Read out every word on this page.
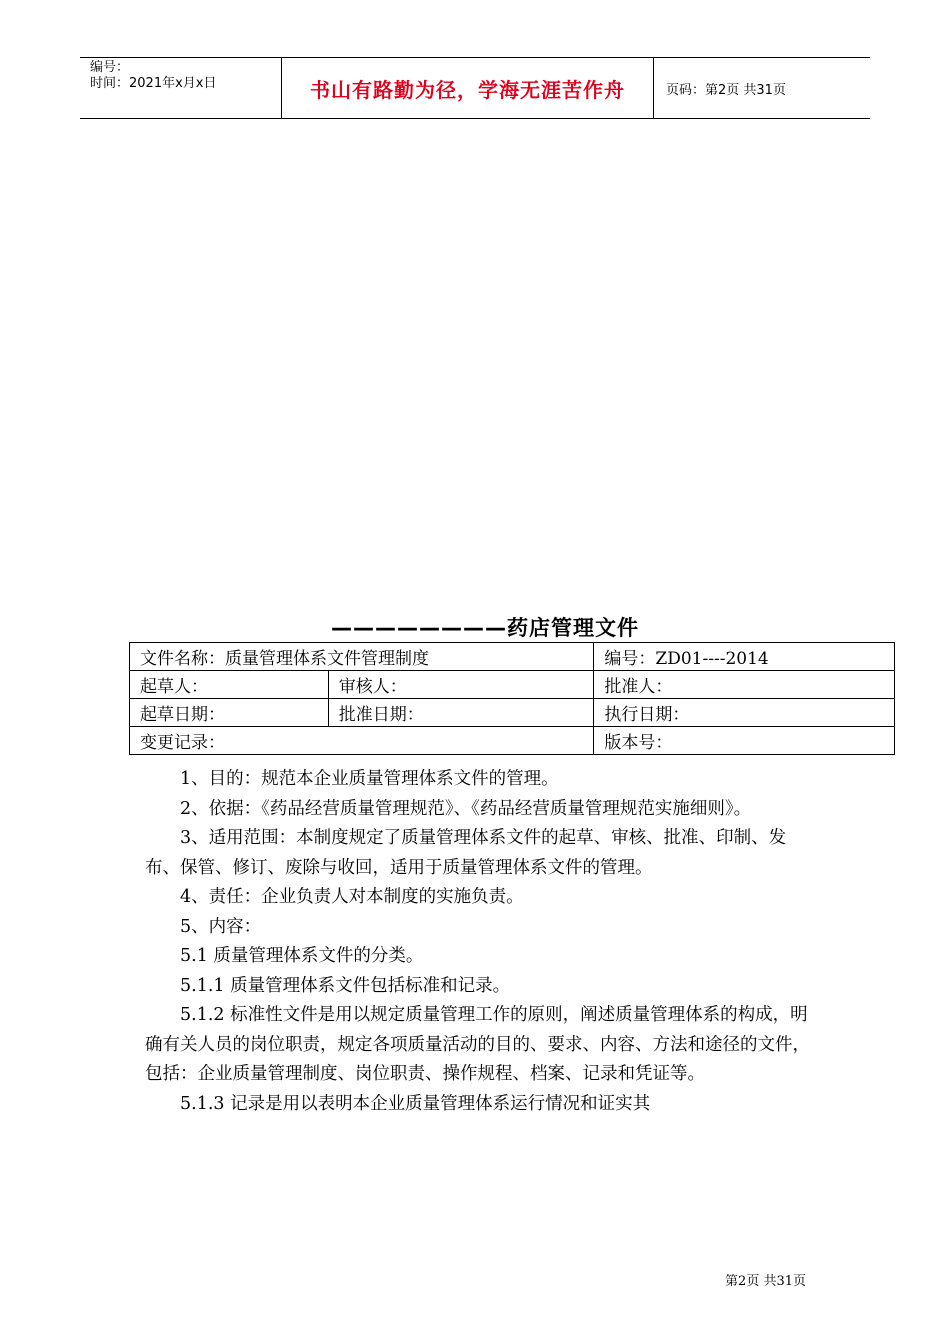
编号：
时间：2021年x月x日	书山有路勤为径，学海无涯苦作舟	页码：第2页 共31页
————————药店管理文件
文件名称：质量管理体系文件管理制度		编号：ZD01----2014
起草人：	审核人：	批准人：
起草日期：	批准日期：	执行日期：
变更记录：		版本号：

1、目的：规范本企业质量管理体系文件的管理。

2、依据：《药品经营质量管理规范》、《药品经营质量管理规范实施细则》。

3、适用范围：本制度规定了质量管理体系文件的起草、审核、批准、印制、发布、保管、修订、废除与收回，适用于质量管理体系文件的管理。

4、责任：企业负责人对本制度的实施负责。

5、内容：

5.1 质量管理体系文件的分类。

5.1.1 质量管理体系文件包括标准和记录。

5.1.2 标准性文件是用以规定质量管理工作的原则，阐述质量管理体系的构成，明确有关人员的岗位职责，规定各项质量活动的目的、要求、内容、方法和途径的文件，包括：企业质量管理制度、岗位职责、操作规程、档案、记录和凭证等。

5.1.3 记录是用以表明本企业质量管理体系运行情况和证实其

第2页 共31页
